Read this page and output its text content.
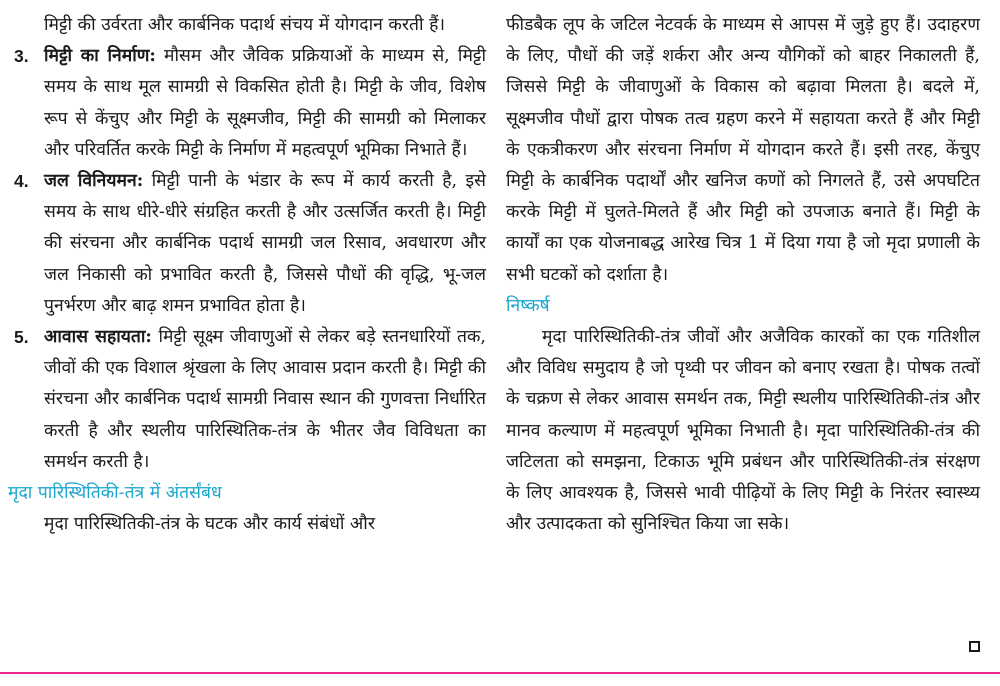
मिट्टी की उर्वरता और कार्बनिक पदार्थ संचय में योगदान करती हैं।

3. मिट्टी का निर्माण: मौसम और जैविक प्रक्रियाओं के माध्यम से, मिट्टी समय के साथ मूल सामग्री से विकसित होती है। मिट्टी के जीव, विशेष रूप से केंचुए और मिट्टी के सूक्ष्मजीव, मिट्टी की सामग्री को मिलाकर और परिवर्तित करके मिट्टी के निर्माण में महत्वपूर्ण भूमिका निभाते हैं।

4. जल विनियमन: मिट्टी पानी के भंडार के रूप में कार्य करती है, इसे समय के साथ धीरे-धीरे संग्रहित करती है और उत्सर्जित करती है। मिट्टी की संरचना और कार्बनिक पदार्थ सामग्री जल रिसाव, अवधारण और जल निकासी को प्रभावित करती है, जिससे पौधों की वृद्धि, भू-जल पुनर्भरण और बाढ़ शमन प्रभावित होता है।

5. आवास सहायता: मिट्टी सूक्ष्म जीवाणुओं से लेकर बड़े स्तनधारियों तक, जीवों की एक विशाल श्रृंखला के लिए आवास प्रदान करती है। मिट्टी की संरचना और कार्बनिक पदार्थ सामग्री निवास स्थान की गुणवत्ता निर्धारित करती है और स्थलीय पारिस्थितिक-तंत्र के भीतर जैव विविधता का समर्थन करती है।

मृदा पारिस्थितिकी-तंत्र में अंतर्संबंध

मृदा पारिस्थितिकी-तंत्र के घटक और कार्य संबंधों और

फीडबैक लूप के जटिल नेटवर्क के माध्यम से आपस में जुड़े हुए हैं। उदाहरण के लिए, पौधों की जड़ें शर्करा और अन्य यौगिकों को बाहर निकालती हैं, जिससे मिट्टी के जीवाणुओं के विकास को बढ़ावा मिलता है। बदले में, सूक्ष्मजीव पौधों द्वारा पोषक तत्व ग्रहण करने में सहायता करते हैं और मिट्टी के एकत्रीकरण और संरचना निर्माण में योगदान करते हैं। इसी तरह, केंचुए मिट्टी के कार्बनिक पदार्थों और खनिज कणों को निगलते हैं, उसे अपघटित करके मिट्टी में घुलते-मिलते हैं और मिट्टी को उपजाऊ बनाते हैं। मिट्टी के कार्यों का एक योजनाबद्ध आरेख चित्र 1 में दिया गया है जो मृदा प्रणाली के सभी घटकों को दर्शाता है।

निष्कर्ष

मृदा पारिस्थितिकी-तंत्र जीवों और अजैविक कारकों का एक गतिशील और विविध समुदाय है जो पृथ्वी पर जीवन को बनाए रखता है। पोषक तत्वों के चक्रण से लेकर आवास समर्थन तक, मिट्टी स्थलीय पारिस्थितिकी-तंत्र और मानव कल्याण में महत्वपूर्ण भूमिका निभाती है। मृदा पारिस्थितिकी-तंत्र की जटिलता को समझना, टिकाऊ भूमि प्रबंधन और पारिस्थितिकी-तंत्र संरक्षण के लिए आवश्यक है, जिससे भावी पीढ़ियों के लिए मिट्टी के निरंतर स्वास्थ्य और उत्पादकता को सुनिश्चित किया जा सके।
